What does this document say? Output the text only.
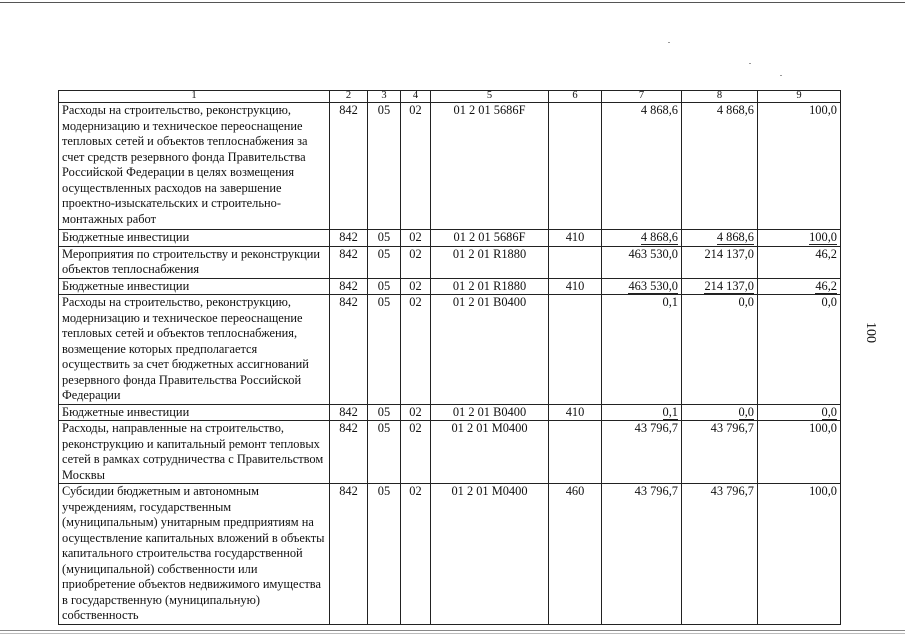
1	2	3	4	5	6	7	8	9
Расходы на строительство, реконструкцию, модернизацию и техническое переоснащение тепловых сетей и объектов теплоснабжения за счет средств резервного фонда Правительства Российской Федерации в целях возмещения осуществленных расходов на завершение проектно-изыскательских и строительно-монтажных работ	842	05	02	01 2 01 5686F		4 868,6	4 868,6	100,0
Бюджетные инвестиции	842	05	02	01 2 01 5686F	410	4 868,6	4 868,6	100,0
Мероприятия по строительству и реконструкции объектов теплоснабжения	842	05	02	01 2 01 R1880		463 530,0	214 137,0	46,2
Бюджетные инвестиции	842	05	02	01 2 01 R1880	410	463 530,0	214 137,0	46,2
Расходы на строительство, реконструкцию, модернизацию и техническое переоснащение тепловых сетей и объектов теплоснабжения, возмещение которых предполагается осуществить за счет бюджетных ассигнований резервного фонда Правительства Российской Федерации	842	05	02	01 2 01 В0400		0,1	0,0	0,0
Бюджетные инвестиции	842	05	02	01 2 01 В0400	410	0,1	0,0	0,0
Расходы, направленные на строительство, реконструкцию и капитальный ремонт тепловых сетей в рамках сотрудничества с Правительством Москвы	842	05	02	01 2 01 М0400		43 796,7	43 796,7	100,0
Субсидии бюджетным и автономным учреждениям, государственным (муниципальным) унитарным предприятиям на осуществление капитальных вложений в объекты капитального строительства государственной (муниципальной) собственности или приобретение объектов недвижимого имущества в государственную (муниципальную) собственность	842	05	02	01 2 01 М0400	460	43 796,7	43 796,7	100,0
100
